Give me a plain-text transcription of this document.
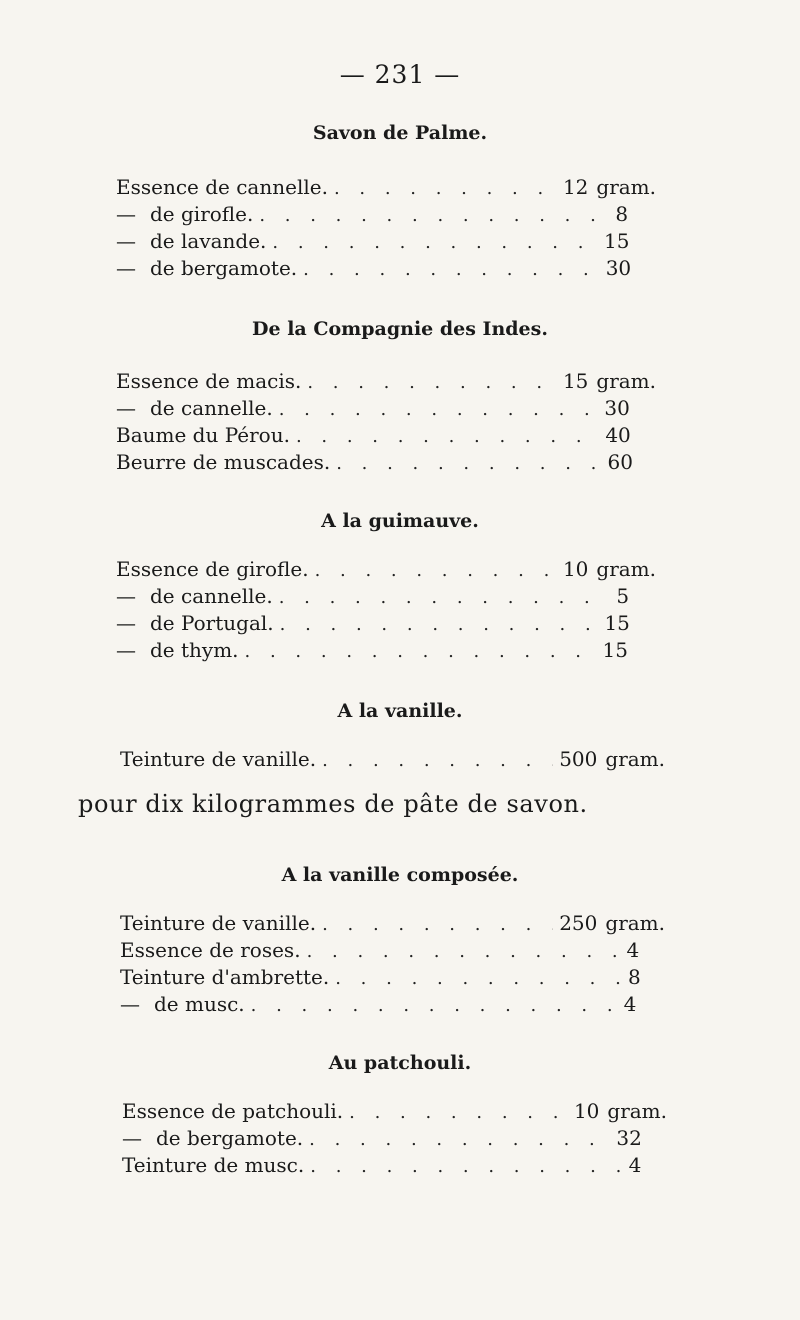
— 231 —
Savon de Palme.
Essence de cannelle. . . .	12 gram.
— de girofle. . . .	8
— de lavande. . . .	15
— de bergamote. . . .	30
De la Compagnie des Indes.
Essence de macis. . . .	15 gram.
— de cannelle. . . .	30
Baume du Pérou. . . .	40
Beurre de muscades. . . .	60
A la guimauve.
Essence de girofle. . . .	10 gram.
— de cannelle. . . .	5
— de Portugal. . . .	15
— de thym. . . .	15
A la vanille.
Teinture de vanille. . . .	500 gram.
pour dix kilogrammes de pâte de savon.
A la vanille composée.
Teinture de vanille. . . .	250 gram.
Essence de roses. . . .	4
Teinture d'ambrette. . . .	8
— de musc. . . .	4
Au patchouli.
Essence de patchouli. . . .	10 gram.
— de bergamote. . . .	32
Teinture de musc. . . .	4
